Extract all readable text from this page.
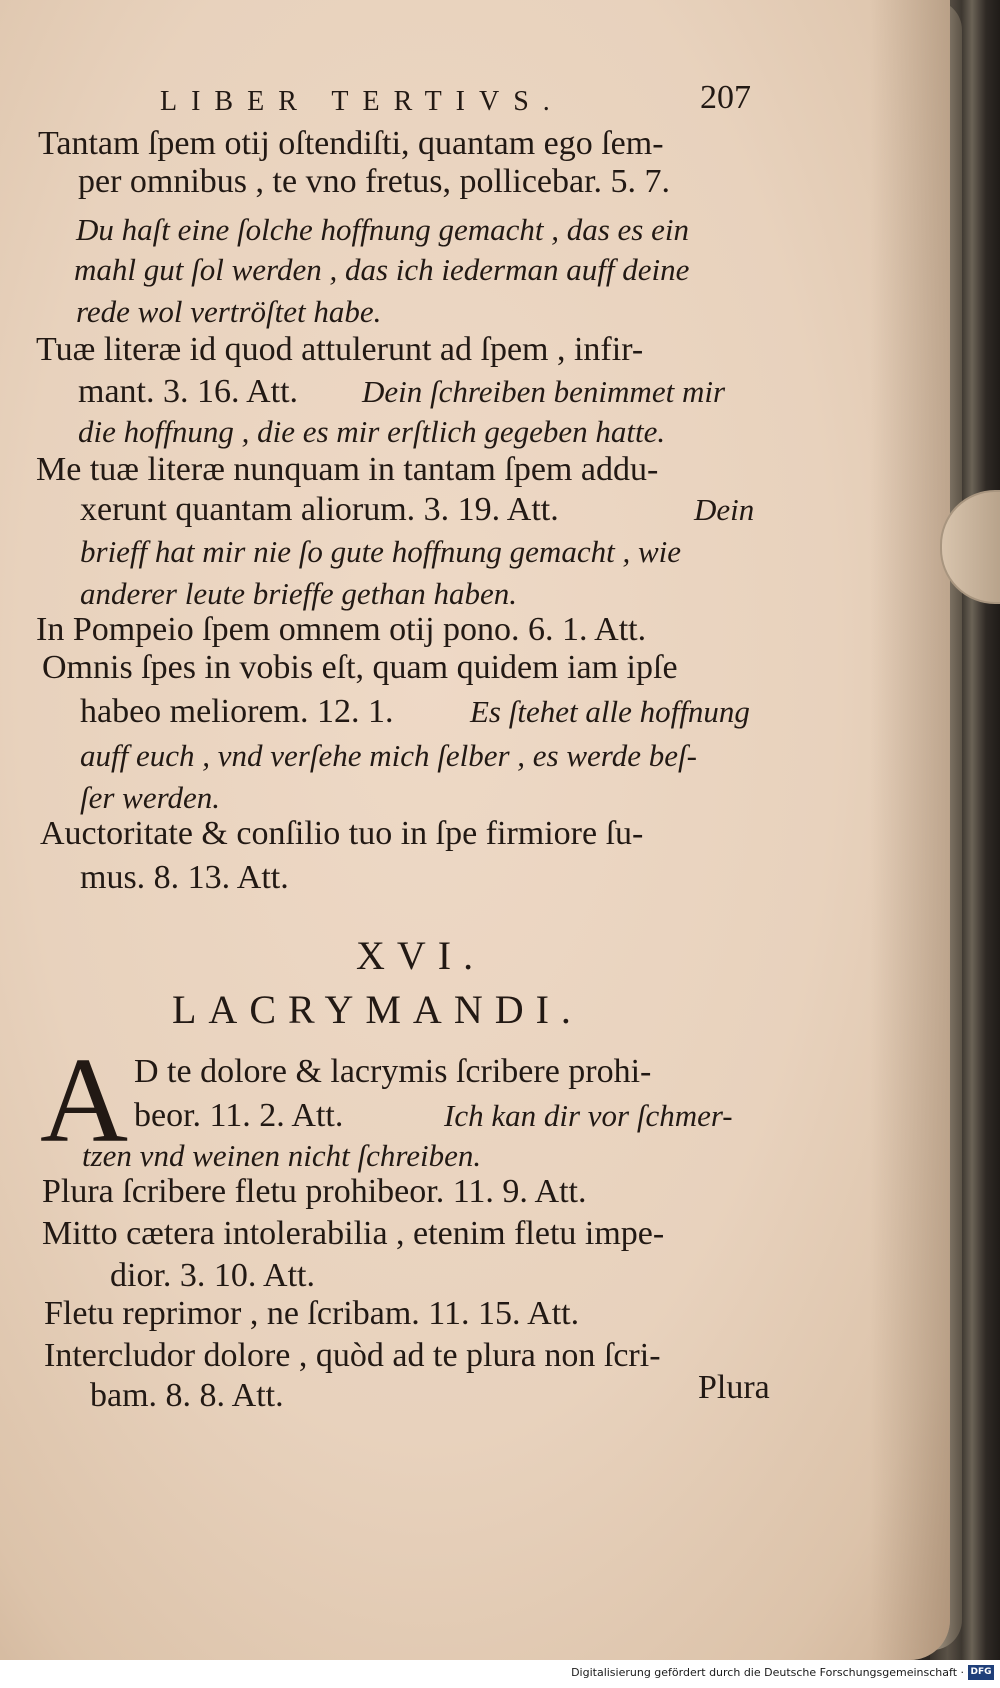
LIBER TERTIVS.	207
Tantam ſpem otij oſtendiſti, quantam ego ſem-
per omnibus , te vno fretus, pollicebar. 5. 7.
Du haſt eine ſolche hoffnung gemacht , das es ein
mahl gut ſol werden , das ich iederman auff deine
rede wol vertröſtet habe.
Tuæ literæ id quod attulerunt ad ſpem , infir-
mant. 3. 16. Att. Dein ſchreiben benimmet mir
die hoffnung , die es mir erſtlich gegeben hatte.
Me tuæ literæ nunquam in tantam ſpem addu-
xerunt quantam aliorum. 3. 19. Att.	Dein
brieff hat mir nie ſo gute hoffnung gemacht , wie
anderer leute brieffe gethan haben.
In Pompeio ſpem omnem otij pono. 6. 1. Att.
Omnis ſpes in vobis eſt, quam quidem iam ipſe
habeo meliorem. 12. 1. Es ſtehet alle hoffnung
auff euch , vnd verſehe mich ſelber , es werde beſ-
ſer werden.
Auctoritate & conſilio tuo in ſpe firmiore ſu-
mus. 8. 13. Att.
XVI.
LACRYMANDI.
A D te dolore & lacrymis ſcribere prohi-
beor. 11. 2. Att.	Ich kan dir vor ſchmer-
tzen vnd weinen nicht ſchreiben.
Plura ſcribere fletu prohibeor. 11. 9. Att.
Mitto cætera intolerabilia , etenim fletu impe-
dior. 3. 10. Att.
Fletu reprimor , ne ſcribam. 11. 15. Att.
Intercludor dolore , quòd ad te plura non ſcri-
bam. 8. 8. Att.	Plura
Digitalisierung gefördert durch die Deutsche Forschungsgemeinschaft · DFG
